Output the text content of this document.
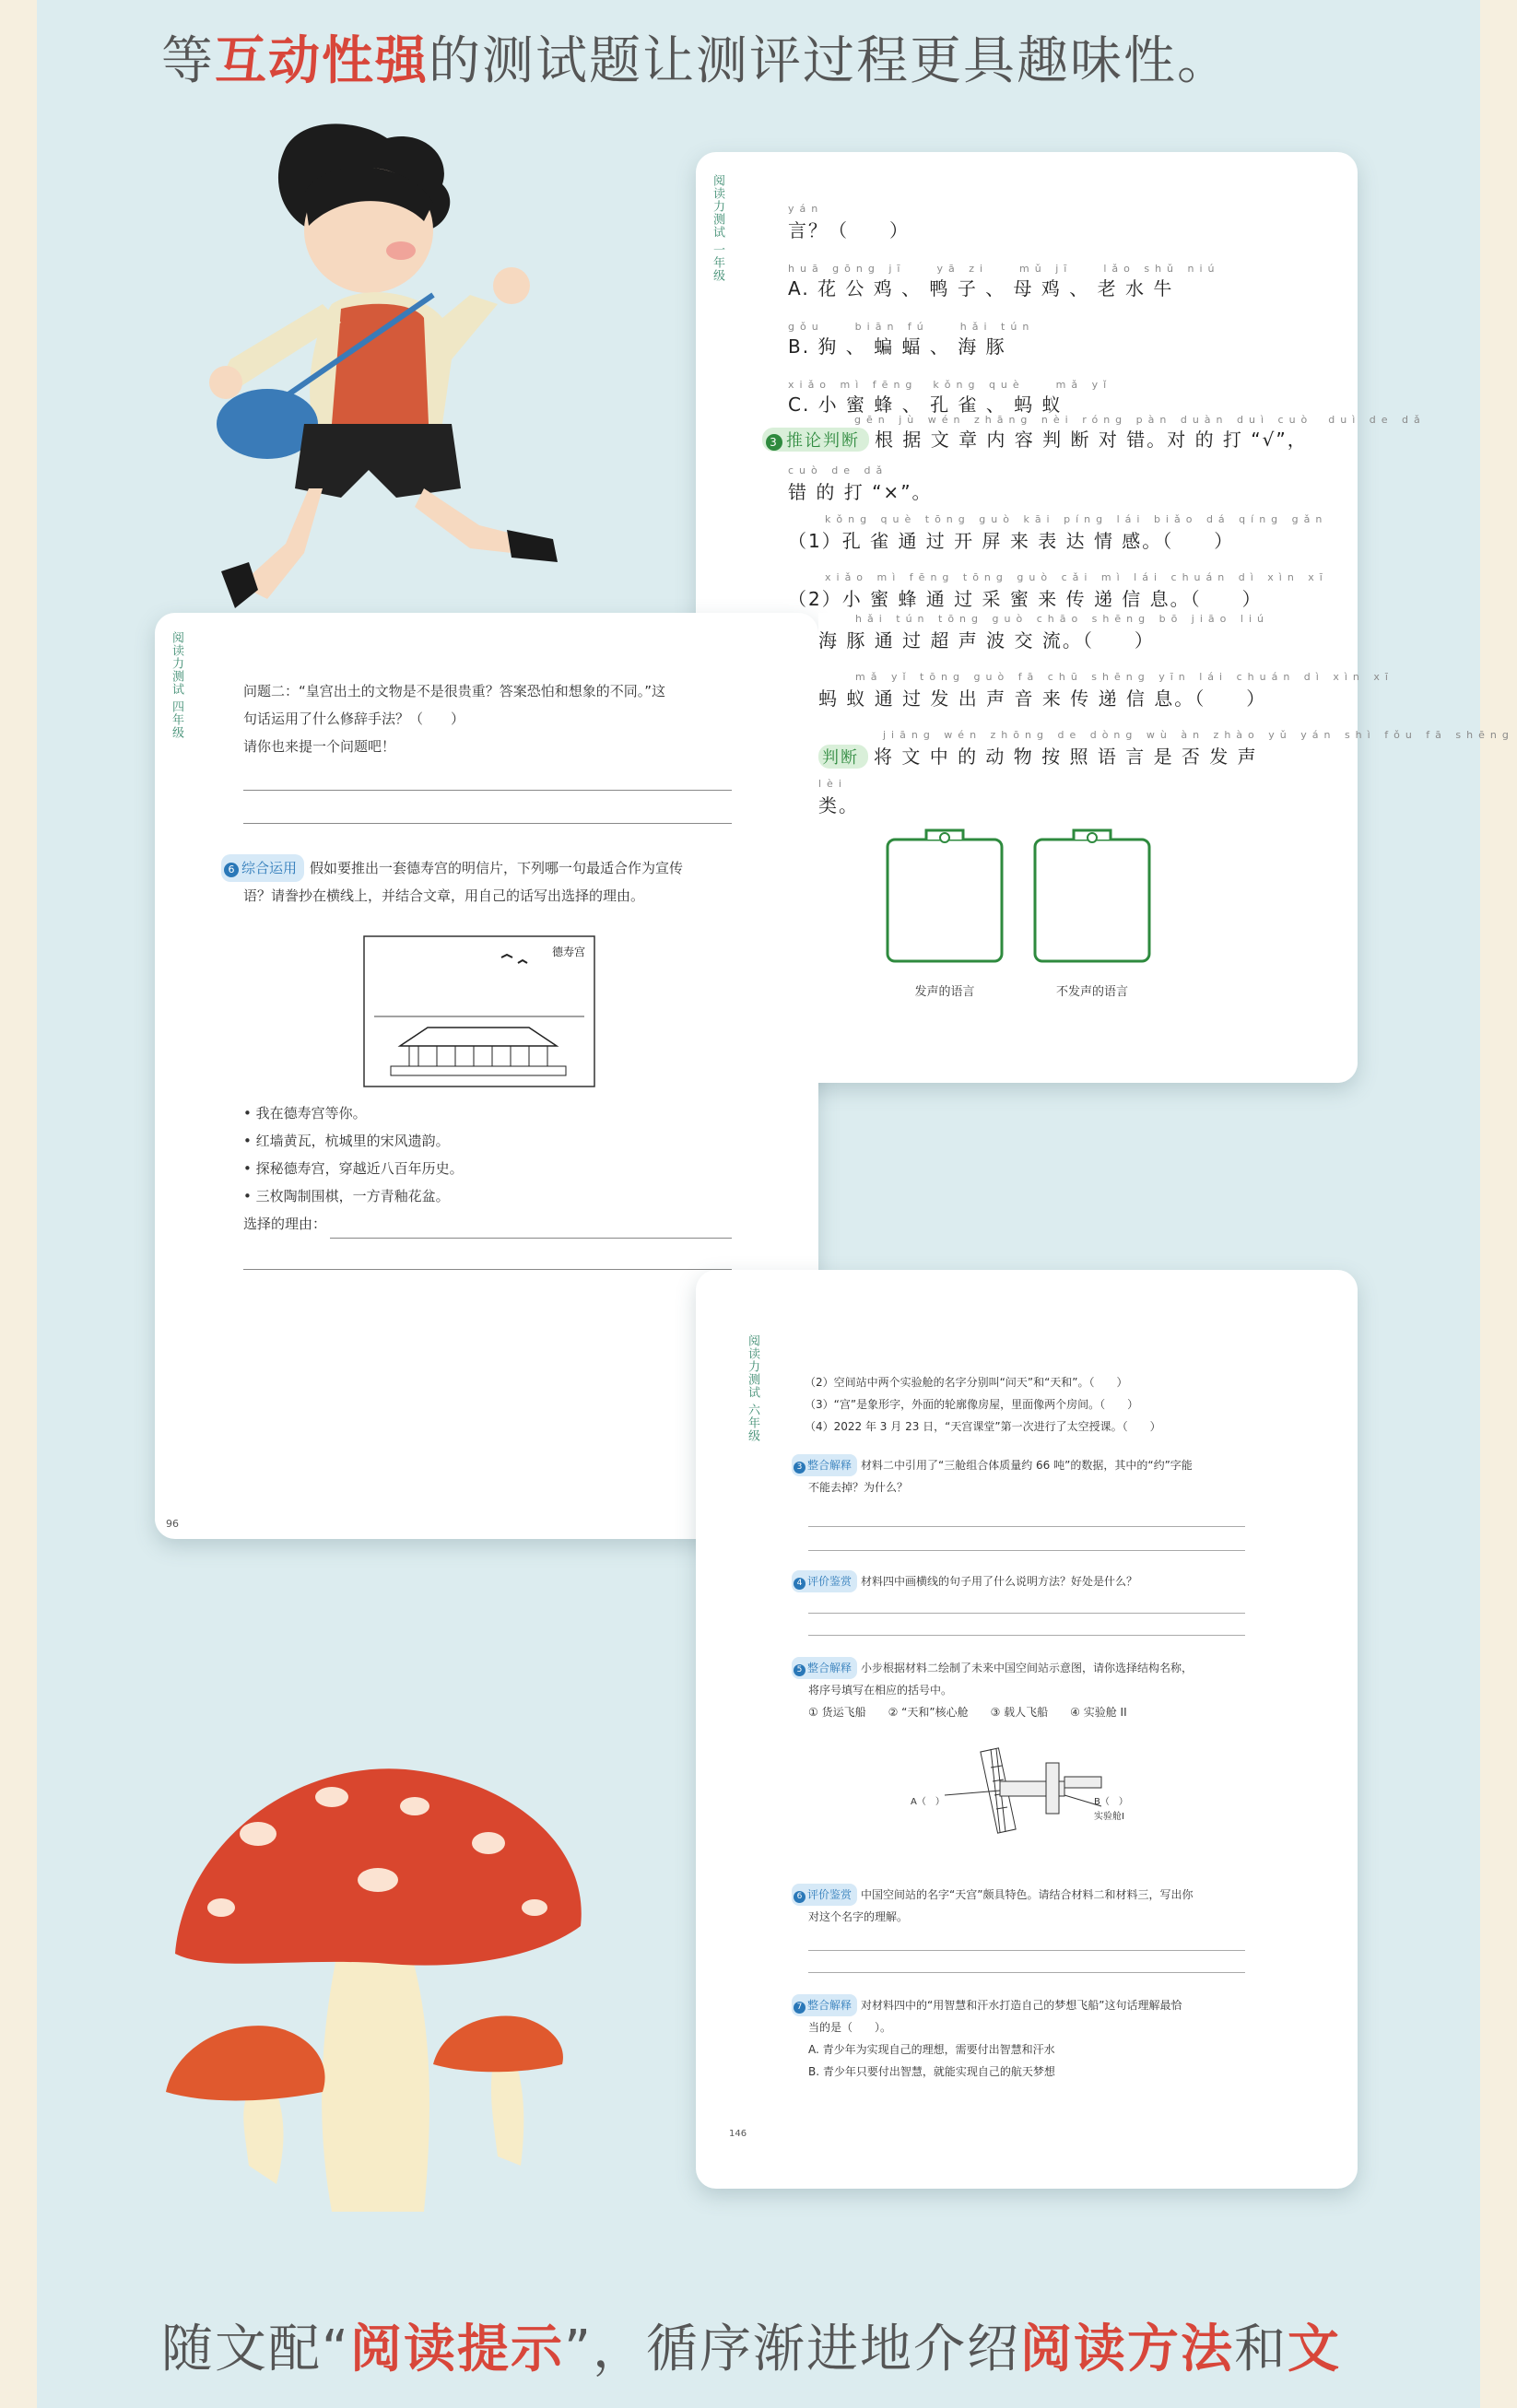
等互动性强的测试题让测评过程更具趣味性。
阅读力测试 一年级	yán
言？（　　）
huā gōng jī　　yā zi　　mǔ jī　　lǎo shǔ niú
A. 花 公 鸡 、 鸭 子 、 母 鸡 、 老 水 牛
gǒu　　biān fú　　hǎi tún
B. 狗 、 蝙 蝠 、 海 豚
xiǎo mì fēng　kǒng què　　mǎ yǐ
C. 小 蜜 蜂 、 孔 雀 、 蚂 蚁
gēn jù wén zhāng nèi róng pàn duàn duì cuò　duì de dǎ
3 推论判断 根 据 文 章 内 容 判 断 对 错。对 的 打 “√”，
cuò de dǎ
错 的 打 “×”。
kǒng què tōng guò kāi píng lái biǎo dá qíng gǎn
（1）孔 雀 通 过 开 屏 来 表 达 情 感。（　　）
xiǎo mì fēng tōng guò cǎi mì lái chuán dì xìn xī
（2）小 蜜 蜂 通 过 采 蜜 来 传 递 信 息。（　　）
阅读力测试 四年级	问题二：“皇宫出土的文物是不是很贵重？答案恐怕和想象的不同。”这
句话运用了什么修辞手法？（　　）
请你也来提一个问题吧！
6 综合运用 假如要推出一套德寿宫的明信片，下列哪一句最适合作为宣传
语？请誊抄在横线上，并结合文章，用自己的话写出选择的理由。
德寿宫
• 我在德寿宫等你。
• 红墙黄瓦，杭城里的宋风遗韵。
• 探秘德寿宫，穿越近八百年历史。
• 三枚陶制围棋，一方青釉花盆。
选择的理由：
96
hǎi tún tōng guò chāo shēng bō jiāo liú
海 豚 通 过 超 声 波 交 流。（　　）
mǎ yǐ tōng guò fā chū shēng yīn lái chuán dì xìn xī
蚂 蚁 通 过 发 出 声 音 来 传 递 信 息。（　　）
jiāng wén zhōng de dòng wù àn zhào yǔ yán shì fǒu fā shēng
判断 将 文 中 的 动 物 按 照 语 言 是 否 发 声
lèi
类。
发声的语言	不发声的语言
阅读力测试 六年级	（2）空间站中两个实验舱的名字分别叫“问天”和“天和”。（　　）
（3）“宫”是象形字，外面的轮廓像房屋，里面像两个房间。（　　）
（4）2022 年 3 月 23 日，“天宫课堂”第一次进行了太空授课。（　　）
3 整合解释 材料二中引用了“三舱组合体质量约 66 吨”的数据，其中的“约”字能
不能去掉？为什么？
4 评价鉴赏 材料四中画横线的句子用了什么说明方法？好处是什么？
5 整合解释 小步根据材料二绘制了未来中国空间站示意图，请你选择结构名称，
将序号填写在相应的括号中。
① 货运飞船　　② “天和”核心舱　　③ 载人飞船　　④ 实验舱 II
A（　）	B（　）
实验舱I
6 评价鉴赏 中国空间站的名字“天宫”颇具特色。请结合材料二和材料三，写出你
对这个名字的理解。
7 整合解释 对材料四中的“用智慧和汗水打造自己的梦想飞船”这句话理解最恰
当的是（　　）。
A. 青少年为实现自己的理想，需要付出智慧和汗水
B. 青少年只要付出智慧，就能实现自己的航天梦想
146
随文配“阅读提示”，循序渐进地介绍阅读方法和文
